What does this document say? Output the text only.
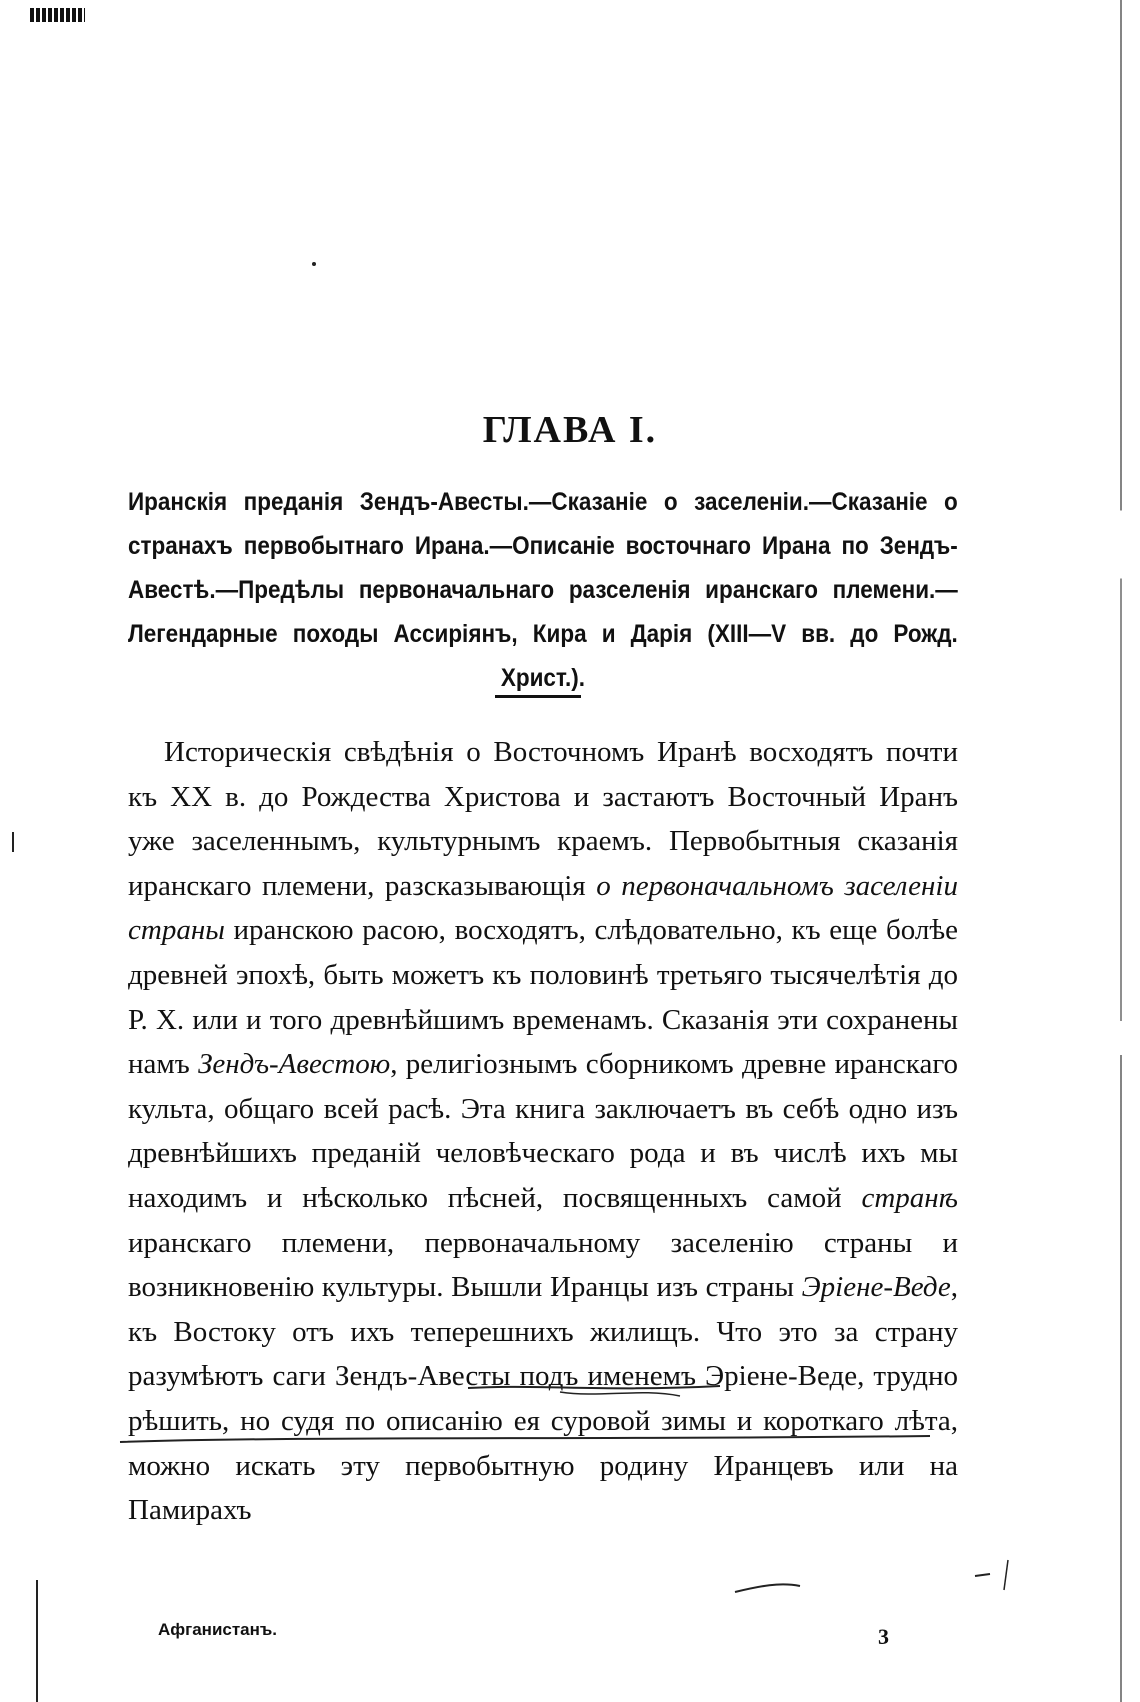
ГЛАВА I.
Иранскія преданія Зендъ-Авесты.—Сказаніе о заселеніи.—Сказаніе о странахъ первобытнаго Ирана.—Описаніе восточнаго Ирана по Зендъ-Авестѣ.—Предѣлы первоначальнаго разселенія иранскаго племени.—Легендарные походы Ассиріянъ, Кира и Дарія (XIII—V вв. до Рожд. Христ.).
Историческія свѣдѣнія о Восточномъ Иранѣ восходятъ почти къ XX в. до Рождества Христова и застаютъ Восточный Иранъ уже заселеннымъ, культурнымъ краемъ. Первобытныя сказанія иранскаго племени, разсказывающія о первоначальномъ заселеніи страны иранскою расою, восходятъ, слѣдовательно, къ еще болѣе древней эпохѣ, быть можетъ къ половинѣ третьяго тысячелѣтія до Р. Х. или и того древнѣйшимъ временамъ. Сказанія эти сохранены намъ Зендъ-Авестою, религіознымъ сборникомъ древне иранскаго культа, общаго всей расѣ. Эта книга заключаетъ въ себѣ одно изъ древнѣйшихъ преданій человѣческаго рода и въ числѣ ихъ мы находимъ и нѣсколько пѣсней, посвященныхъ самой странѣ иранскаго племени, первоначальному заселенію страны и возникновенію культуры. Вышли Иранцы изъ страны Эріене-Веде, къ Востоку отъ ихъ теперешнихъ жилищъ. Что это за страну разумѣютъ саги Зендъ-Авесты подъ именемъ Эріене-Веде, трудно рѣшить, но судя по описанію ея суровой зимы и короткаго лѣта, можно искать эту первобытную родину Иранцевъ или на Памирахъ
Афганистанъ.	3
